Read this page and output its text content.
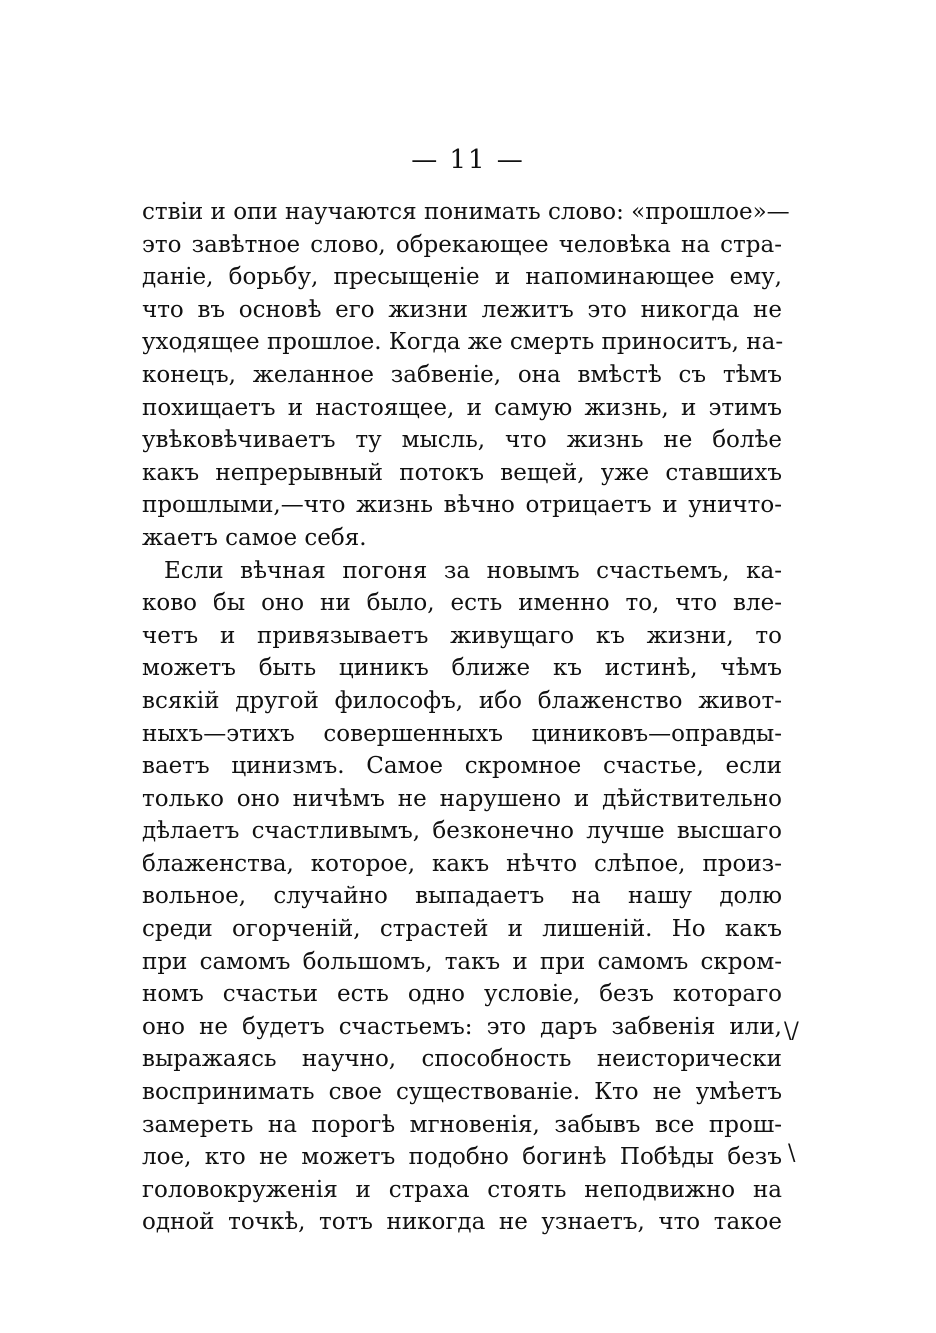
— 11 —
ствіи и опи научаются понимать слово: «прошлое»—
это завѣтное слово, обрекающее человѣка на стра-
даніе, борьбу, пресыщеніе и напоминающее ему,
что въ основѣ его жизни лежитъ это никогда не
уходящее прошлое. Когда же смерть приноситъ, на-
конецъ, желанное забвеніе, она вмѣстѣ съ тѣмъ
похищаетъ и настоящее, и самую жизнь, и этимъ
увѣковѣчиваетъ ту мысль, что жизнь не болѣе
какъ непрерывный потокъ вещей, уже ставшихъ
прошлыми,—что жизнь вѣчно отрицаетъ и уничто-
жаетъ самое себя.
Если вѣчная погоня за новымъ счастьемъ, ка-
ково бы оно ни было, есть именно то, что вле-
четъ и привязываетъ живущаго къ жизни, то
можетъ быть циникъ ближе къ истинѣ, чѣмъ
всякій другой философъ, ибо блаженство живот-
ныхъ—этихъ совершенныхъ циниковъ—оправды-
ваетъ цинизмъ. Самое скромное счастье, если
только оно ничѣмъ не нарушено и дѣйствительно
дѣлаетъ счастливымъ, безконечно лучше высшаго
блаженства, которое, какъ нѣчто слѣпое, произ-
вольное, случайно выпадаетъ на нашу долю
среди огорченій, страстей и лишеній. Но какъ
при самомъ большомъ, такъ и при самомъ скром-
номъ счастьи есть одно условіе, безъ котораго
оно не будетъ счастьемъ: это даръ забвенія или,
выражаясь научно, способность неисторически
воспринимать свое существованіе. Кто не умѣетъ
замереть на порогѣ мгновенія, забывъ все прош-
лое, кто не можетъ подобно богинѣ Побѣды безъ
головокруженія и страха стоять неподвижно на
одной точкѣ, тотъ никогда не узнаетъ, что такое
\/
\
